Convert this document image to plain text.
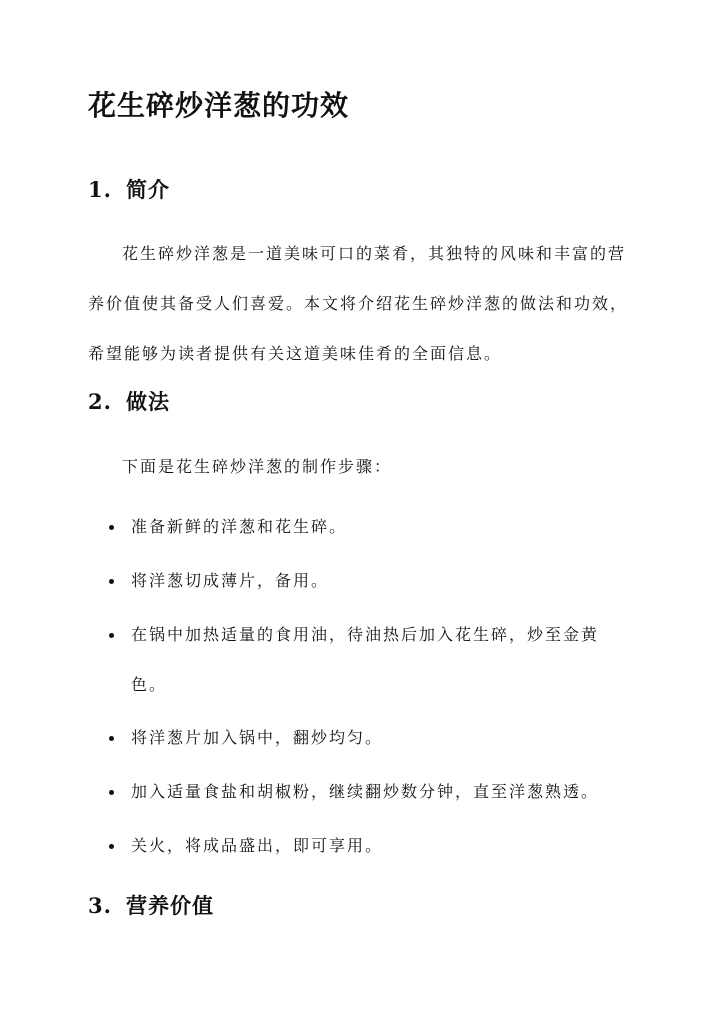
花生碎炒洋葱的功效
1. 简介

花生碎炒洋葱是一道美味可口的菜肴，其独特的风味和丰富的营养价值使其备受人们喜爱。本文将介绍花生碎炒洋葱的做法和功效，希望能够为读者提供有关这道美味佳肴的全面信息。

2. 做法

下面是花生碎炒洋葱的制作步骤：

准备新鲜的洋葱和花生碎。
将洋葱切成薄片，备用。
在锅中加热适量的食用油，待油热后加入花生碎，炒至金黄色。
将洋葱片加入锅中，翻炒均匀。
加入适量食盐和胡椒粉，继续翻炒数分钟，直至洋葱熟透。
关火，将成品盛出，即可享用。
3. 营养价值
